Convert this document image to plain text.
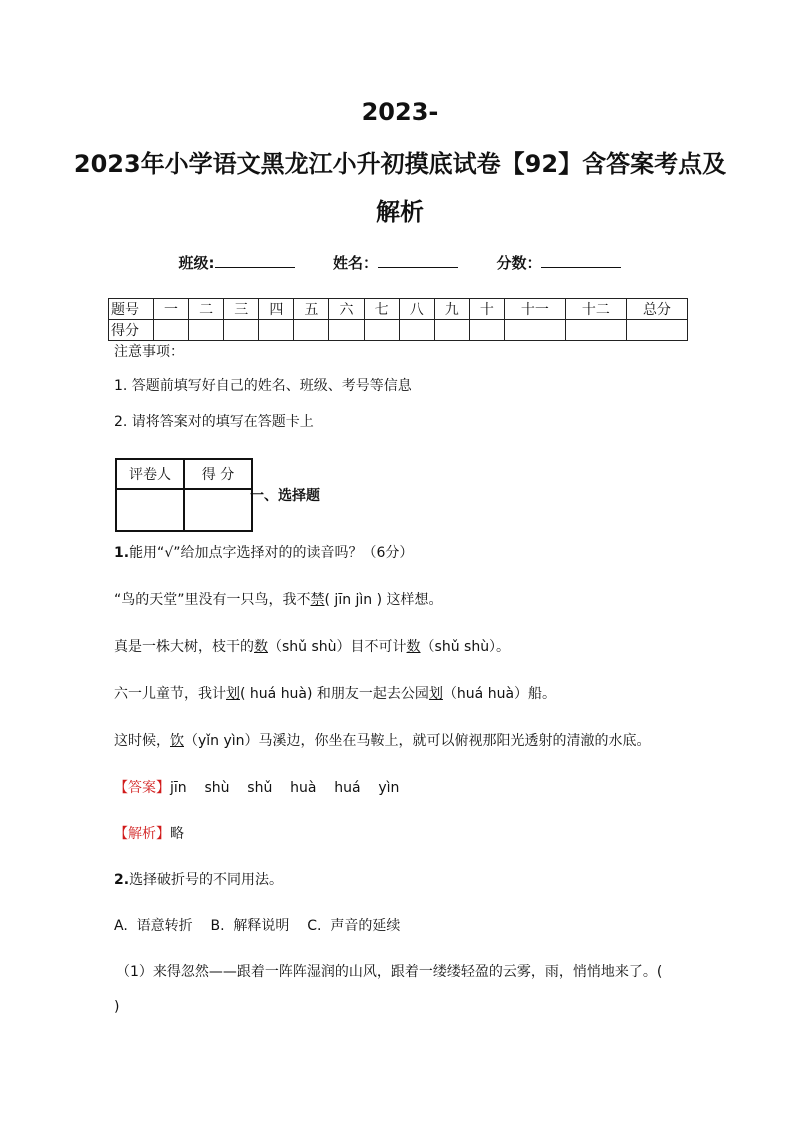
2023-
2023年小学语文黑龙江小升初摸底试卷【92】含答案考点及
解析
班级:	姓名：	分数：
题号	一	二	三	四	五	六	七	八	九	十	十一	十二	总分
得分													
注意事项：
1. 答题前填写好自己的姓名、班级、考号等信息
2. 请将答案对的填写在答题卡上
评卷人	得 分

一、选择题
1.能用“√”给加点字选择对的的读音吗？（6分）
“鸟的天堂”里没有一只鸟，我不禁( jīn jìn ) 这样想。
真是一株大树，枝干的数（shǔ shù）目不可计数（shǔ shù）。
六一儿童节，我计划( huá huà) 和朋友一起去公园划（huá huà）船。
这时候，饮（yǐn yìn）马溪边，你坐在马鞍上，就可以俯视那阳光透射的清澈的水底。
【答案】jīn    shù    shǔ    huà    huá    yìn
【解析】略
2.选择破折号的不同用法。
A.  语意转折    B.  解释说明    C.  声音的延续
（1）来得忽然——跟着一阵阵湿润的山风，跟着一缕缕轻盈的云雾，雨，悄悄地来了。(
)
